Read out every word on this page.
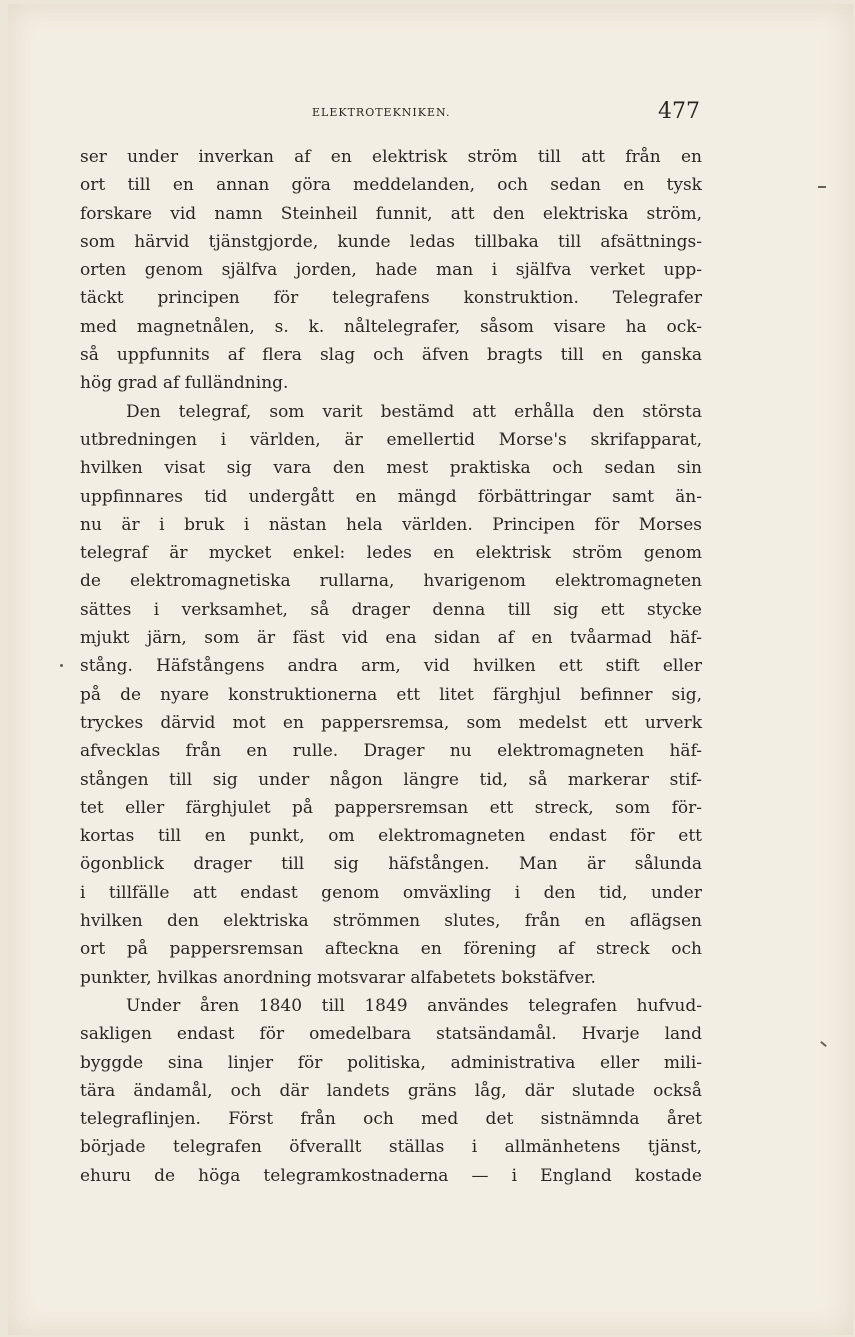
ELEKTROTEKNIKEN.	477
ser under inverkan af en elektrisk ström till att från en
ort till en annan göra meddelanden, och sedan en tysk
forskare vid namn Steinheil funnit, att den elektriska ström,
som härvid tjänstgjorde, kunde ledas tillbaka till afsättnings-
orten genom själfva jorden, hade man i själfva verket upp-
täckt principen för telegrafens konstruktion. Telegrafer
med magnetnålen, s. k. nåltelegrafer, såsom visare ha ock-
så uppfunnits af flera slag och äfven bragts till en ganska
hög grad af fulländning.
Den telegraf, som varit bestämd att erhålla den största
utbredningen i världen, är emellertid Morse's skrifapparat,
hvilken visat sig vara den mest praktiska och sedan sin
uppfinnares tid undergått en mängd förbättringar samt än-
nu är i bruk i nästan hela världen. Principen för Morses
telegraf är mycket enkel: ledes en elektrisk ström genom
de elektromagnetiska rullarna, hvarigenom elektromagneten
sättes i verksamhet, så drager denna till sig ett stycke
mjukt järn, som är fäst vid ena sidan af en tvåarmad häf-
stång. Häfstångens andra arm, vid hvilken ett stift eller
på de nyare konstruktionerna ett litet färghjul befinner sig,
tryckes därvid mot en pappersremsa, som medelst ett urverk
afvecklas från en rulle. Drager nu elektromagneten häf-
stången till sig under någon längre tid, så markerar stif-
tet eller färghjulet på pappersremsan ett streck, som för-
kortas till en punkt, om elektromagneten endast för ett
ögonblick drager till sig häfstången. Man är sålunda
i tillfälle att endast genom omväxling i den tid, under
hvilken den elektriska strömmen slutes, från en aflägsen
ort på pappersremsan afteckna en förening af streck och
punkter, hvilkas anordning motsvarar alfabetets bokstäfver.
Under åren 1840 till 1849 användes telegrafen hufvud-
sakligen endast för omedelbara statsändamål. Hvarje land
byggde sina linjer för politiska, administrativa eller mili-
tära ändamål, och där landets gräns låg, där slutade också
telegraflinjen. Först från och med det sistnämnda året
började telegrafen öfverallt ställas i allmänhetens tjänst,
ehuru de höga telegramkostnaderna — i England kostade
